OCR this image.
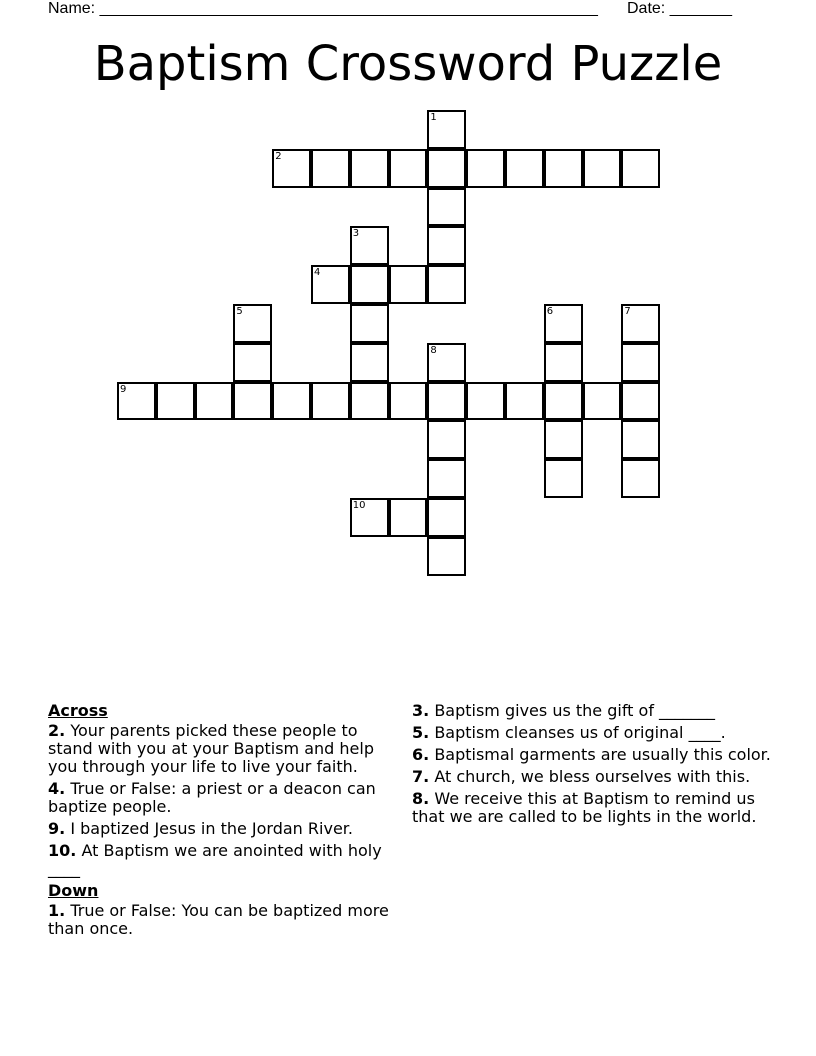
Name: ________________________________________________________ Date: _______
Baptism Crossword Puzzle
1
2
3
4
5	6	7
8
9
10
Across
2. Your parents picked these people to stand with you at your Baptism and help you through your life to live your faith.
4. True or False: a priest or a deacon can baptize people.
9. I baptized Jesus in the Jordan River.
10. At Baptism we are anointed with holy ____
Down
1. True or False: You can be baptized more than once.
3. Baptism gives us the gift of _______
5. Baptism cleanses us of original ____.
6. Baptismal garments are usually this color.
7. At church, we bless ourselves with this.
8. We receive this at Baptism to remind us that we are called to be lights in the world.
